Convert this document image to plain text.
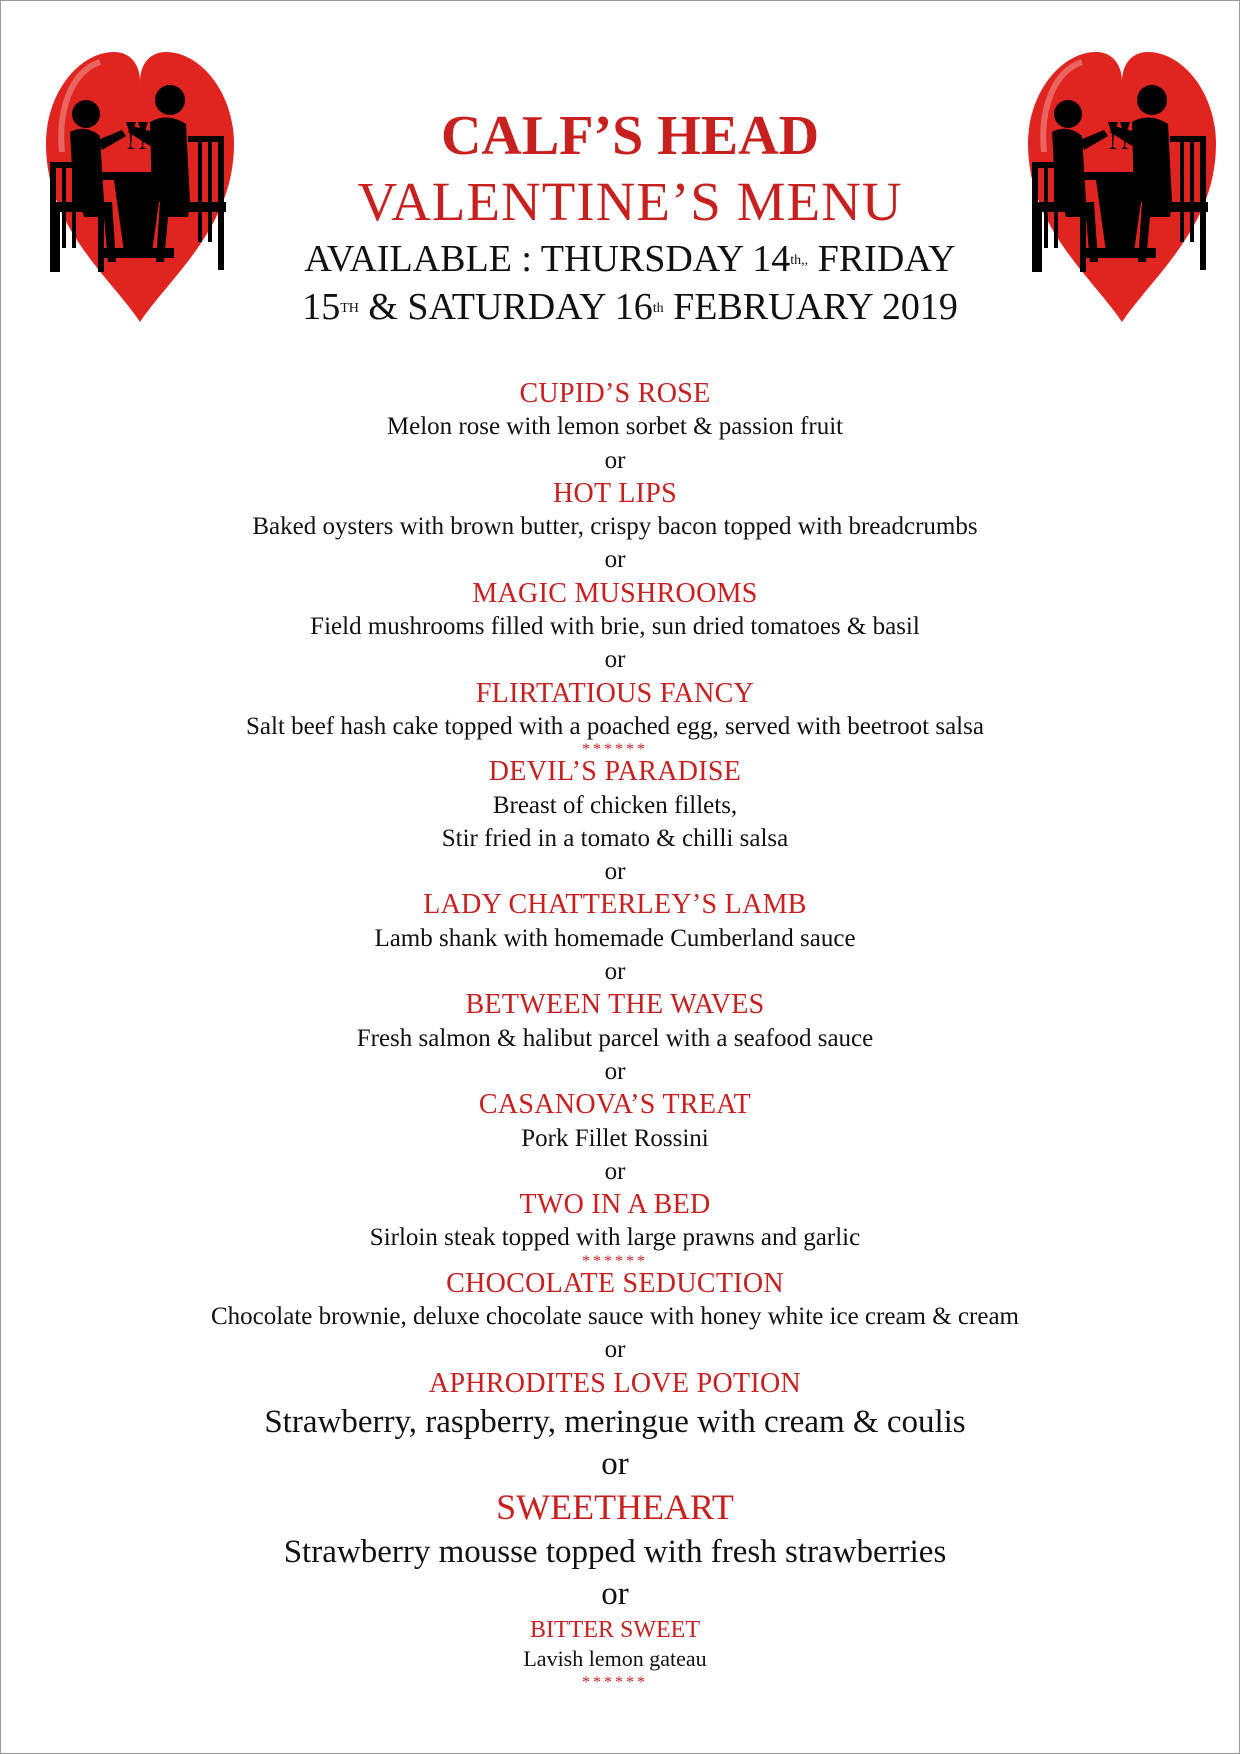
CALF’S HEAD
VALENTINE’S MENU
AVAILABLE : THURSDAY $14^{th,,}$ FRIDAY
15TH & SATURDAY 16th FEBRUARY 2019
CUPID’S ROSE
Melon rose with lemon sorbet & passion fruit
or
HOT LIPS
Baked oysters with brown butter, crispy bacon topped with breadcrumbs
or
MAGIC MUSHROOMS
Field mushrooms filled with brie, sun dried tomatoes & basil
or
FLIRTATIOUS FANCY
Salt beef hash cake topped with a poached egg, served with beetroot salsa
******
DEVIL’S PARADISE
Breast of chicken fillets,
Stir fried in a tomato & chilli salsa
or
LADY CHATTERLEY’S LAMB
Lamb shank with homemade Cumberland sauce
or
BETWEEN THE WAVES
Fresh salmon & halibut parcel with a seafood sauce
or
CASANOVA’S TREAT
Pork Fillet Rossini
or
TWO IN A BED
Sirloin steak topped with large prawns and garlic
******
CHOCOLATE SEDUCTION
Chocolate brownie, deluxe chocolate sauce with honey white ice cream & cream
or
APHRODITES LOVE POTION
Strawberry, raspberry, meringue with cream & coulis
or
SWEETHEART
Strawberry mousse topped with fresh strawberries
or
BITTER SWEET
Lavish lemon gateau
******
